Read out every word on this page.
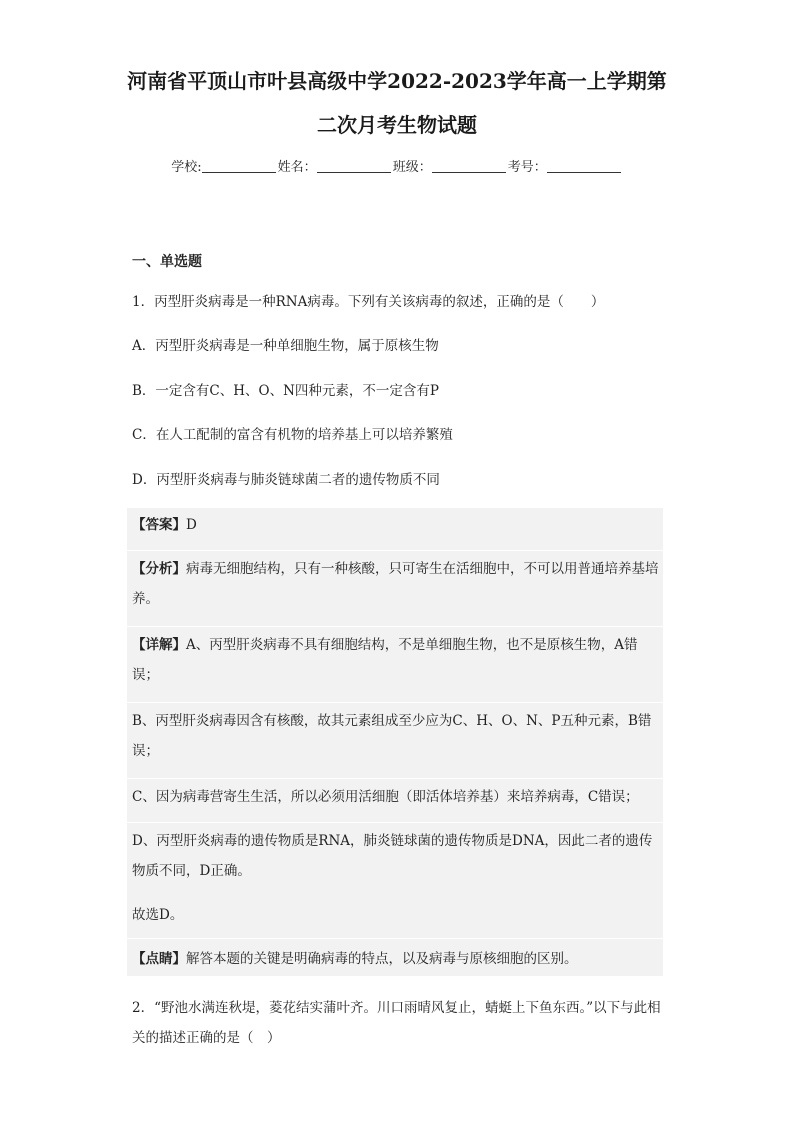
河南省平顶山市叶县高级中学2022-2023学年高一上学期第
二次月考生物试题
学校:	姓名：	班级：	考号：
一、单选题
1．丙型肝炎病毒是一种RNA病毒。下列有关该病毒的叙述，正确的是（　　）
A．丙型肝炎病毒是一种单细胞生物，属于原核生物
B．一定含有C、H、O、N四种元素，不一定含有P
C．在人工配制的富含有机物的培养基上可以培养繁殖
D．丙型肝炎病毒与肺炎链球菌二者的遗传物质不同
【答案】D
【分析】病毒无细胞结构，只有一种核酸，只可寄生在活细胞中，不可以用普通培养基培养。
【详解】A、丙型肝炎病毒不具有细胞结构，不是单细胞生物，也不是原核生物，A错误；
B、丙型肝炎病毒因含有核酸，故其元素组成至少应为C、H、O、N、P五种元素，B错误；
C、因为病毒营寄生生活，所以必须用活细胞（即活体培养基）来培养病毒，C错误；
D、丙型肝炎病毒的遗传物质是RNA，肺炎链球菌的遗传物质是DNA，因此二者的遗传物质不同，D正确。
故选D。
【点睛】解答本题的关键是明确病毒的特点，以及病毒与原核细胞的区别。
2．“野池水满连秋堤，菱花结实蒲叶齐。川口雨晴风复止，蜻蜓上下鱼东西。”以下与此相关的描述正确的是（　）
